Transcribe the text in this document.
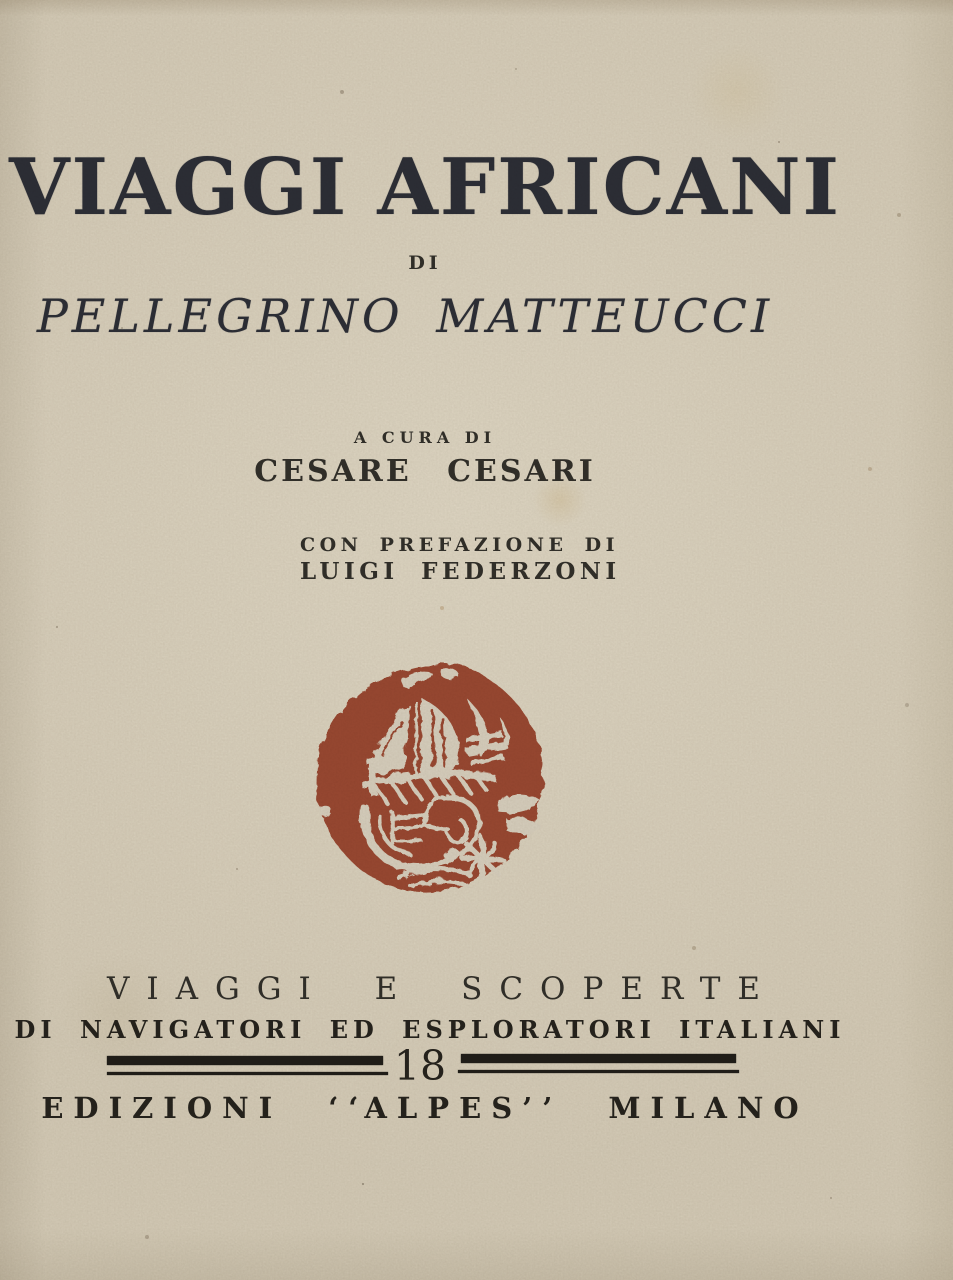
VIAGGI AFRICANI
DI
PELLEGRINO MATTEUCCI
A CURA DI
CESARE CESARI
CON PREFAZIONE DI
LUIGI FEDERZONI
VIAGGI E SCOPERTE
DI NAVIGATORI ED ESPLORATORI ITALIANI
18
EDIZIONI ‘‘ALPES’’ MILANO
